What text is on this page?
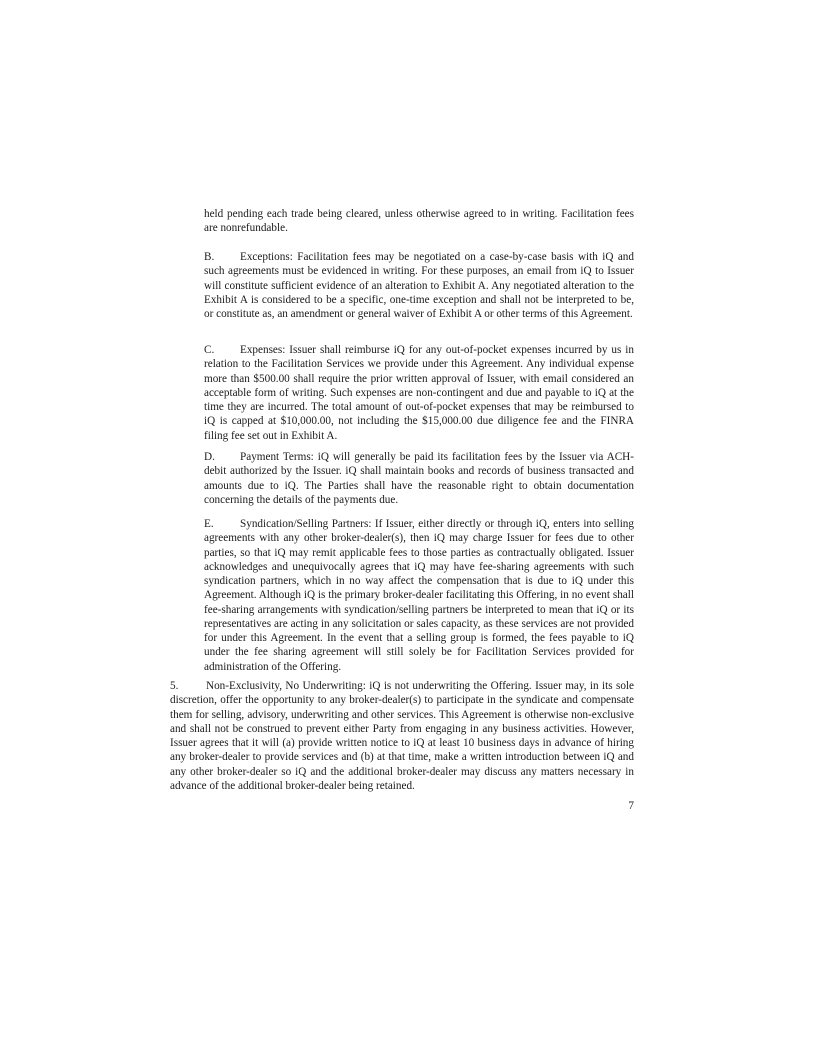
held pending each trade being cleared, unless otherwise agreed to in writing. Facilitation fees are nonrefundable.

B. Exceptions: Facilitation fees may be negotiated on a case-by-case basis with iQ and such agreements must be evidenced in writing. For these purposes, an email from iQ to Issuer will constitute sufficient evidence of an alteration to Exhibit A. Any negotiated alteration to the Exhibit A is considered to be a specific, one-time exception and shall not be interpreted to be, or constitute as, an amendment or general waiver of Exhibit A or other terms of this Agreement.

C. Expenses: Issuer shall reimburse iQ for any out-of-pocket expenses incurred by us in relation to the Facilitation Services we provide under this Agreement. Any individual expense more than $500.00 shall require the prior written approval of Issuer, with email considered an acceptable form of writing. Such expenses are non-contingent and due and payable to iQ at the time they are incurred. The total amount of out-of-pocket expenses that may be reimbursed to iQ is capped at $10,000.00, not including the $15,000.00 due diligence fee and the FINRA filing fee set out in Exhibit A.

D. Payment Terms: iQ will generally be paid its facilitation fees by the Issuer via ACH-debit authorized by the Issuer. iQ shall maintain books and records of business transacted and amounts due to iQ. The Parties shall have the reasonable right to obtain documentation concerning the details of the payments due.

E. Syndication/Selling Partners: If Issuer, either directly or through iQ, enters into selling agreements with any other broker-dealer(s), then iQ may charge Issuer for fees due to other parties, so that iQ may remit applicable fees to those parties as contractually obligated. Issuer acknowledges and unequivocally agrees that iQ may have fee-sharing agreements with such syndication partners, which in no way affect the compensation that is due to iQ under this Agreement. Although iQ is the primary broker-dealer facilitating this Offering, in no event shall fee-sharing arrangements with syndication/selling partners be interpreted to mean that iQ or its representatives are acting in any solicitation or sales capacity, as these services are not provided for under this Agreement. In the event that a selling group is formed, the fees payable to iQ under the fee sharing agreement will still solely be for Facilitation Services provided for administration of the Offering.

5. Non-Exclusivity, No Underwriting: iQ is not underwriting the Offering. Issuer may, in its sole discretion, offer the opportunity to any broker-dealer(s) to participate in the syndicate and compensate them for selling, advisory, underwriting and other services. This Agreement is otherwise non-exclusive and shall not be construed to prevent either Party from engaging in any business activities. However, Issuer agrees that it will (a) provide written notice to iQ at least 10 business days in advance of hiring any broker-dealer to provide services and (b) at that time, make a written introduction between iQ and any other broker-dealer so iQ and the additional broker-dealer may discuss any matters necessary in advance of the additional broker-dealer being retained.

7
